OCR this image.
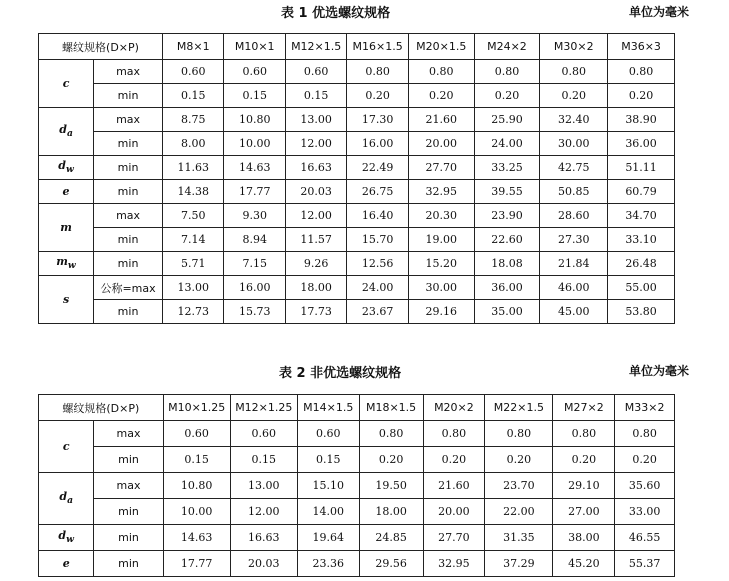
表 1 优选螺纹规格	单位为毫米
螺纹规格(D×P)		M8×1	M10×1	M12×1.5	M16×1.5	M20×1.5	M24×2	M30×2	M36×3
c	max	0.60	0.60	0.60	0.80	0.80	0.80	0.80	0.80
	min	0.15	0.15	0.15	0.20	0.20	0.20	0.20	0.20
$d_a$	max	8.75	10.80	13.00	17.30	21.60	25.90	32.40	38.90
	min	8.00	10.00	12.00	16.00	20.00	24.00	30.00	36.00
$d_w$	min	11.63	14.63	16.63	22.49	27.70	33.25	42.75	51.11
e	min	14.38	17.77	20.03	26.75	32.95	39.55	50.85	60.79
m	max	7.50	9.30	12.00	16.40	20.30	23.90	28.60	34.70
	min	7.14	8.94	11.57	15.70	19.00	22.60	27.30	33.10
$m_w$	min	5.71	7.15	9.26	12.56	15.20	18.08	21.84	26.48
s	公称=max	13.00	16.00	18.00	24.00	30.00	36.00	46.00	55.00
	min	12.73	15.73	17.73	23.67	29.16	35.00	45.00	53.80
表 2 非优选螺纹规格	单位为毫米
螺纹规格(D×P)		M10×1.25	M12×1.25	M14×1.5	M18×1.5	M20×2	M22×1.5	M27×2	M33×2
c	max	0.60	0.60	0.60	0.80	0.80	0.80	0.80	0.80
	min	0.15	0.15	0.15	0.20	0.20	0.20	0.20	0.20
$d_a$	max	10.80	13.00	15.10	19.50	21.60	23.70	29.10	35.60
	min	10.00	12.00	14.00	18.00	20.00	22.00	27.00	33.00
$d_w$	min	14.63	16.63	19.64	24.85	27.70	31.35	38.00	46.55
e	min	17.77	20.03	23.36	29.56	32.95	37.29	45.20	55.37
